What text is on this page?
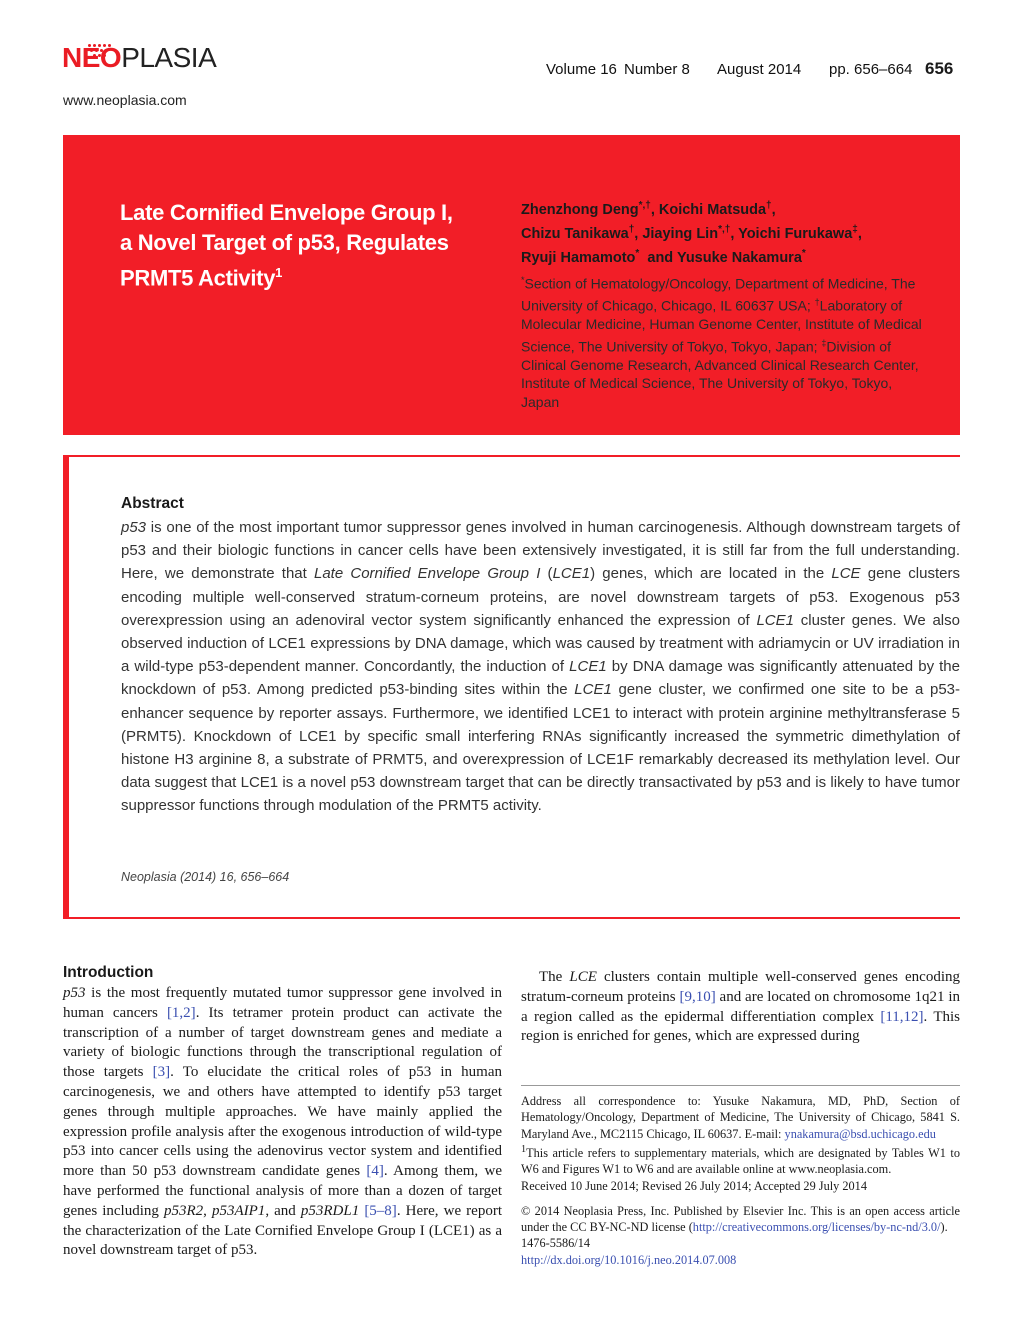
NEOPLASIA
www.neoplasia.com
Volume 16 Number 8 August 2014 pp. 656–664 656
Late Cornified Envelope Group I,
a Novel Target of p53, Regulates
PRMT5 Activity$^1$
Zhenzhong Deng*,†, Koichi Matsuda†,
Chizu Tanikawa†, Jiaying Lin*,†, Yoichi Furukawa‡,
Ryuji Hamamoto* and Yusuke Nakamura*
*Section of Hematology/Oncology, Department of Medicine, The University of Chicago, Chicago, IL 60637 USA; †Laboratory of Molecular Medicine, Human Genome Center, Institute of Medical Science, The University of Tokyo, Tokyo, Japan; ‡Division of Clinical Genome Research, Advanced Clinical Research Center, Institute of Medical Science, The University of Tokyo, Tokyo, Japan
Abstract
p53 is one of the most important tumor suppressor genes involved in human carcinogenesis. Although downstream targets of p53 and their biologic functions in cancer cells have been extensively investigated, it is still far from the full understanding. Here, we demonstrate that Late Cornified Envelope Group I (LCE1) genes, which are located in the LCE gene clusters encoding multiple well-conserved stratum-corneum proteins, are novel downstream targets of p53. Exogenous p53 overexpression using an adenoviral vector system significantly enhanced the expression of LCE1 cluster genes. We also observed induction of LCE1 expressions by DNA damage, which was caused by treatment with adriamycin or UV irradiation in a wild-type p53-dependent manner. Concordantly, the induction of LCE1 by DNA damage was significantly attenuated by the knockdown of p53. Among predicted p53-binding sites within the LCE1 gene cluster, we confirmed one site to be a p53-enhancer sequence by reporter assays. Furthermore, we identified LCE1 to interact with protein arginine methyltransferase 5 (PRMT5). Knockdown of LCE1 by specific small interfering RNAs significantly increased the symmetric dimethylation of histone H3 arginine 8, a substrate of PRMT5, and overexpression of LCE1F remarkably decreased its methylation level. Our data suggest that LCE1 is a novel p53 downstream target that can be directly transactivated by p53 and is likely to have tumor suppressor functions through modulation of the PRMT5 activity.
Neoplasia (2014) 16, 656–664
Introduction
p53 is the most frequently mutated tumor suppressor gene involved in human cancers [1,2]. Its tetramer protein product can activate the transcription of a number of target downstream genes and mediate a variety of biologic functions through the transcriptional regulation of those targets [3]. To elucidate the critical roles of p53 in human carcinogenesis, we and others have attempted to identify p53 target genes through multiple approaches. We have mainly applied the expression profile analysis after the exogenous introduction of wild-type p53 into cancer cells using the adenovirus vector system and identified more than 50 p53 downstream candidate genes [4]. Among them, we have performed the functional analysis of more than a dozen of target genes including p53R2, p53AIP1, and p53RDL1 [5–8]. Here, we report the characterization of the Late Cornified Envelope Group I (LCE1) as a novel downstream target of p53.
The LCE clusters contain multiple well-conserved genes encoding stratum-corneum proteins [9,10] and are located on chromosome 1q21 in a region called as the epidermal differentiation complex [11,12]. This region is enriched for genes, which are expressed during

Address all correspondence to: Yusuke Nakamura, MD, PhD, Section of Hematology/Oncology, Department of Medicine, The University of Chicago, 5841 S. Maryland Ave., MC2115 Chicago, IL 60637. E-mail: ynakamura@bsd.uchicago.edu

$^1$This article refers to supplementary materials, which are designated by Tables W1 to W6 and Figures W1 to W6 and are available online at www.neoplasia.com.

Received 10 June 2014; Revised 26 July 2014; Accepted 29 July 2014

© 2014 Neoplasia Press, Inc. Published by Elsevier Inc. This is an open access article under the CC BY-NC-ND license (http://creativecommons.org/licenses/by-nc-nd/3.0/).

1476-5586/14

http://dx.doi.org/10.1016/j.neo.2014.07.008
